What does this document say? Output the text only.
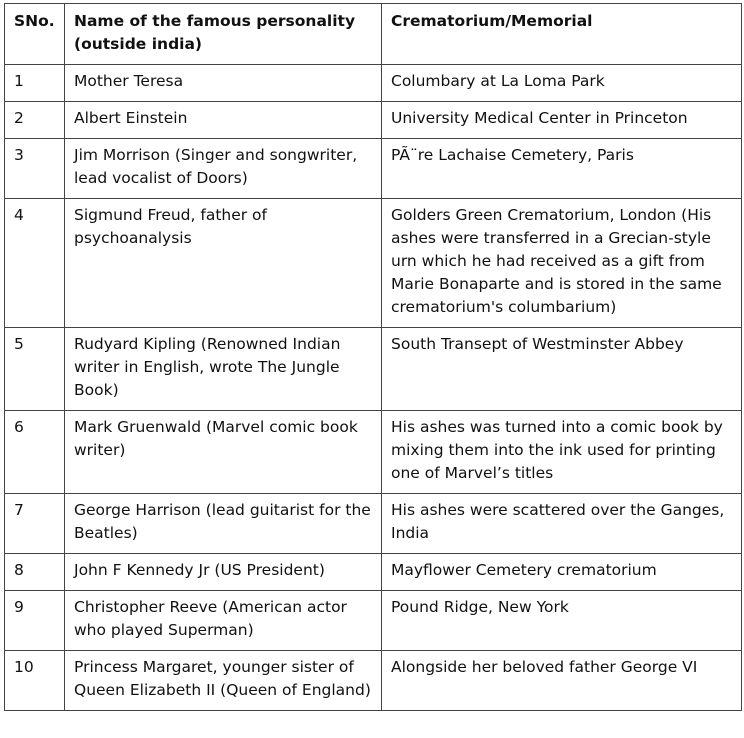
SNo.	Name of the famous personality (outside india)	Crematorium/Memorial
1	Mother Teresa	Columbary at La Loma Park
2	Albert Einstein	University Medical Center in Princeton
3	Jim Morrison (Singer and songwriter, lead vocalist of Doors)	PÃ¨re Lachaise Cemetery, Paris
4	Sigmund Freud, father of psychoanalysis	Golders Green Crematorium, London (His ashes were transferred in a Grecian-style urn which he had received as a gift from Marie Bonaparte and is stored in the same crematorium's columbarium)
5	Rudyard Kipling (Renowned Indian writer in English, wrote The Jungle Book)	South Transept of Westminster Abbey
6	Mark Gruenwald (Marvel comic book writer)	His ashes was turned into a comic book by mixing them into the ink used for printing one of Marvel’s titles
7	George Harrison (lead guitarist for the Beatles)	His ashes were scattered over the Ganges, India
8	John F Kennedy Jr (US President)	Mayflower Cemetery crematorium
9	Christopher Reeve (American actor who played Superman)	Pound Ridge, New York
10	Princess Margaret, younger sister of Queen Elizabeth II (Queen of England)	Alongside her beloved father George VI
